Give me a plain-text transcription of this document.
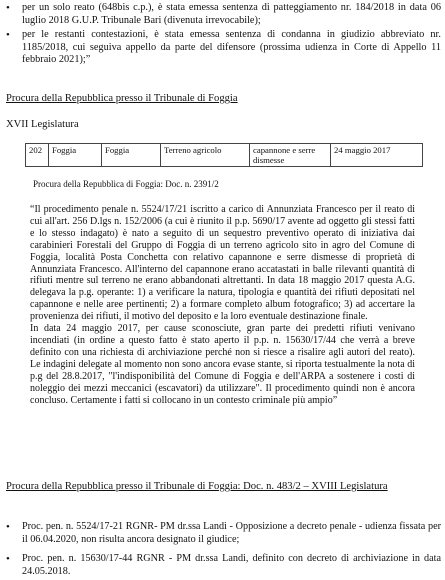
• per un solo reato (648bis c.p.), è stata emessa sentenza di patteggiamento nr. 184/2018 in data 06 luglio 2018 G.U.P. Tribunale Bari (divenuta irrevocabile);
• per le restanti contestazioni, è stata emessa sentenza di condanna in giudizio abbreviato nr. 1185/2018, cui seguiva appello da parte del difensore (prossima udienza in Corte di Appello 11 febbraio 2021);”
Procura della Repubblica presso il Tribunale di Foggia
XVII Legislatura
202	Foggia	Foggia	Terreno agricolo	capannone e serre dismesse	24 maggio 2017
Procura della Repubblica di Foggia: Doc. n. 2391/2

“Il procedimento penale n. 5524/17/21 iscritto a carico di Annunziata Francesco per il reato di cui all'art. 256 D.lgs n. 152/2006 (a cui è riunito il p.p. 5690/17 avente ad oggetto gli stessi fatti e lo stesso indagato) è nato a seguito di un sequestro preventivo operato di iniziativa dai carabinieri Forestali del Gruppo di Foggia di un terreno agricolo sito in agro del Comune di Foggia, località Posta Conchetta con relativo capannone e serre dismesse di proprietà di Annunziata Francesco. All'interno del capannone erano accatastati in balle rilevanti quantità di rifiuti mentre sul terreno ne erano abbandonati altrettanti. In data 18 maggio 2017 questa A.G. delegava la p.g. operante: 1) a verificare la natura, tipologia e quantità dei rifiuti depositati nel capannone e nelle aree pertinenti; 2) a formare completo album fotografico; 3) ad accertare la provenienza dei rifiuti, il motivo del deposito e la loro eventuale destinazione finale.

In data 24 maggio 2017, per cause sconosciute, gran parte dei predetti rifiuti venivano incendiati (in ordine a questo fatto è stato aperto il p.p. n. 15630/17/44 che verrà a breve definito con una richiesta di archiviazione perché non si riesce a risalire agli autori del reato). Le indagini delegate al momento non sono ancora evase stante, si riporta testualmente la nota di p.g del 28.8.2017, "l'indisponibilità del Comune di Foggia e dell'ARPA a sostenere i costi di noleggio dei mezzi meccanici (escavatori) da utilizzare". Il procedimento quindi non è ancora concluso. Certamente i fatti si collocano in un contesto criminale più ampio”

Procura della Repubblica presso il Tribunale di Foggia: Doc. n. 483/2 – XVIII Legislatura
• Proc. pen. n. 5524/17-21 RGNR- PM dr.ssa Landi - Opposizione a decreto penale - udienza fissata per il 06.04.2020, non risulta ancora designato il giudice;
• Proc. pen. n. 15630/17-44 RGNR - PM dr.ssa Landi, definito con decreto di archiviazione in data 24.05.2018.
